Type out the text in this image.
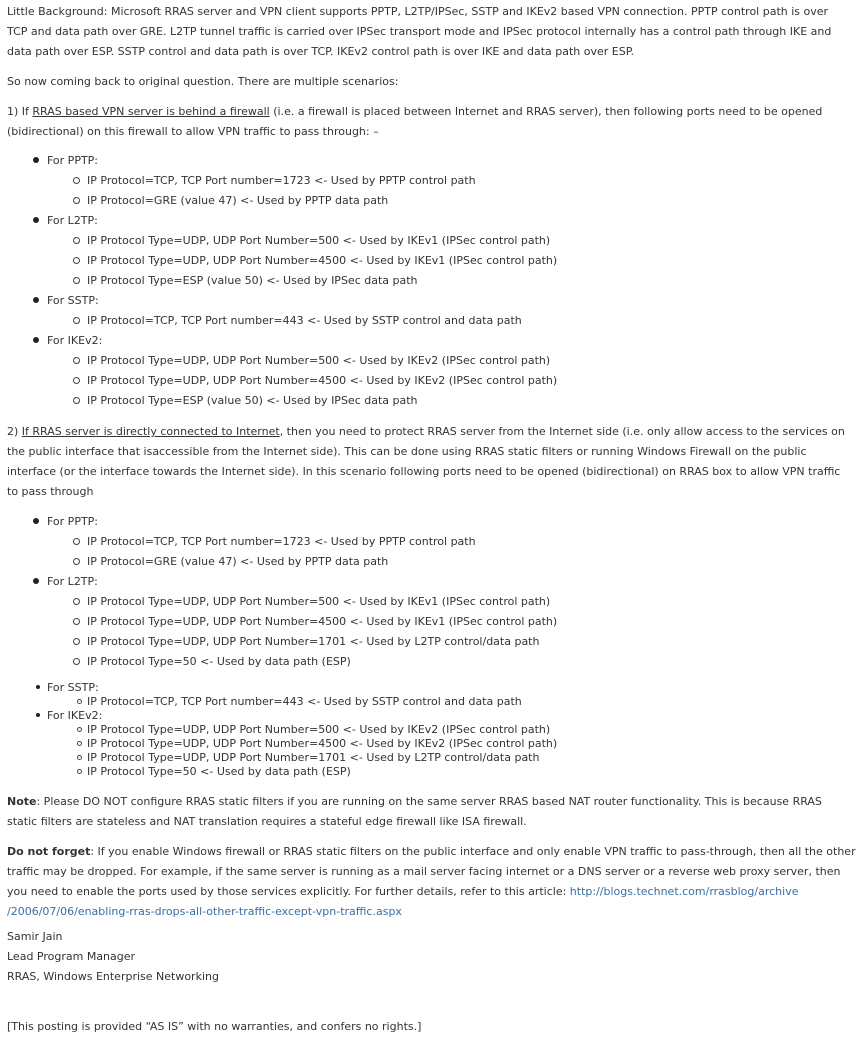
Little Background: Microsoft RRAS server and VPN client supports PPTP, L2TP/IPSec, SSTP and IKEv2 based VPN connection. PPTP control path is over
TCP and data path over GRE. L2TP tunnel traffic is carried over IPSec transport mode and IPSec protocol internally has a control path through IKE and
data path over ESP. SSTP control and data path is over TCP. IKEv2 control path is over IKE and data path over ESP.
So now coming back to original question. There are multiple scenarios:
1) If RRAS based VPN server is behind a firewall (i.e. a firewall is placed between Internet and RRAS server), then following ports need to be opened
(bidirectional) on this firewall to allow VPN traffic to pass through: –
For PPTP:
IP Protocol=TCP, TCP Port number=1723 <- Used by PPTP control path
IP Protocol=GRE (value 47) <- Used by PPTP data path
For L2TP:
IP Protocol Type=UDP, UDP Port Number=500 <- Used by IKEv1 (IPSec control path)
IP Protocol Type=UDP, UDP Port Number=4500 <- Used by IKEv1 (IPSec control path)
IP Protocol Type=ESP (value 50) <- Used by IPSec data path
For SSTP:
IP Protocol=TCP, TCP Port number=443 <- Used by SSTP control and data path
For IKEv2:
IP Protocol Type=UDP, UDP Port Number=500 <- Used by IKEv2 (IPSec control path)
IP Protocol Type=UDP, UDP Port Number=4500 <- Used by IKEv2 (IPSec control path)
IP Protocol Type=ESP (value 50) <- Used by IPSec data path
2) If RRAS server is directly connected to Internet, then you need to protect RRAS server from the Internet side (i.e. only allow access to the services on
the public interface that isaccessible from the Internet side). This can be done using RRAS static filters or running Windows Firewall on the public
interface (or the interface towards the Internet side). In this scenario following ports need to be opened (bidirectional) on RRAS box to allow VPN traffic
to pass through
For PPTP:
IP Protocol=TCP, TCP Port number=1723 <- Used by PPTP control path
IP Protocol=GRE (value 47) <- Used by PPTP data path
For L2TP:
IP Protocol Type=UDP, UDP Port Number=500 <- Used by IKEv1 (IPSec control path)
IP Protocol Type=UDP, UDP Port Number=4500 <- Used by IKEv1 (IPSec control path)
IP Protocol Type=UDP, UDP Port Number=1701 <- Used by L2TP control/data path
IP Protocol Type=50 <- Used by data path (ESP)
For SSTP:
IP Protocol=TCP, TCP Port number=443 <- Used by SSTP control and data path
For IKEv2:
IP Protocol Type=UDP, UDP Port Number=500 <- Used by IKEv2 (IPSec control path)
IP Protocol Type=UDP, UDP Port Number=4500 <- Used by IKEv2 (IPSec control path)
IP Protocol Type=UDP, UDP Port Number=1701 <- Used by L2TP control/data path
IP Protocol Type=50 <- Used by data path (ESP)
Note: Please DO NOT configure RRAS static filters if you are running on the same server RRAS based NAT router functionality. This is because RRAS
static filters are stateless and NAT translation requires a stateful edge firewall like ISA firewall.
Do not forget: If you enable Windows firewall or RRAS static filters on the public interface and only enable VPN traffic to pass-through, then all the other
traffic may be dropped. For example, if the same server is running as a mail server facing internet or a DNS server or a reverse web proxy server, then
you need to enable the ports used by those services explicitly. For further details, refer to this article: http://blogs.technet.com/rrasblog/archive
/2006/07/06/enabling-rras-drops-all-other-traffic-except-vpn-traffic.aspx
Samir Jain
Lead Program Manager
RRAS, Windows Enterprise Networking
[This posting is provided “AS IS” with no warranties, and confers no rights.]
